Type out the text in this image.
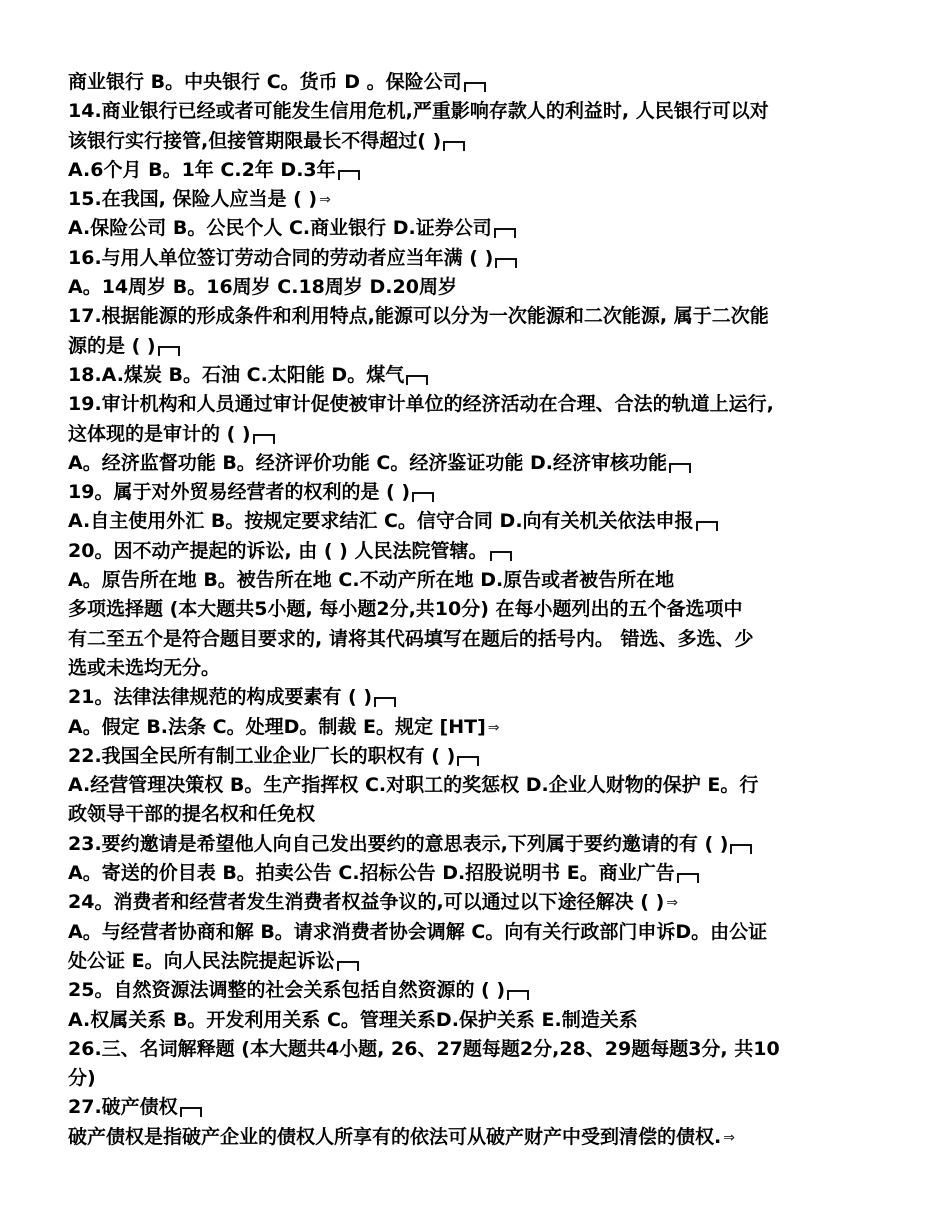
商业银行 B。中央银行 C。货币 D 。保险公司
14.商业银行已经或者可能发生信用危机,严重影响存款人的利益时, 人民银行可以对
该银行实行接管,但接管期限最长不得超过( )
A.6个月 B。1年 C.2年 D.3年
15.在我国, 保险人应当是 ( ) ⇒
A.保险公司 B。公民个人 C.商业银行 D.证券公司
16.与用人单位签订劳动合同的劳动者应当年满 ( )
A。14周岁 B。16周岁 C.18周岁 D.20周岁
17.根据能源的形成条件和利用特点,能源可以分为一次能源和二次能源, 属于二次能
源的是 ( )
18.A.煤炭 B。石油 C.太阳能 D。煤气
19.审计机构和人员通过审计促使被审计单位的经济活动在合理、合法的轨道上运行,
这体现的是审计的 ( )
A。经济监督功能 B。经济评价功能 C。经济鉴证功能 D.经济审核功能
19。属于对外贸易经营者的权利的是 ( )
A.自主使用外汇 B。按规定要求结汇 C。信守合同 D.向有关机关依法申报
20。因不动产提起的诉讼, 由 ( ) 人民法院管辖。
A。原告所在地 B。被告所在地 C.不动产所在地 D.原告或者被告所在地
多项选择题 (本大题共5小题, 每小题2分,共10分) 在每小题列出的五个备选项中
有二至五个是符合题目要求的, 请将其代码填写在题后的括号内。 错选、多选、少
选或未选均无分。
21。法律法律规范的构成要素有 ( )
A。假定 B.法条 C。处理D。制裁 E。规定 [HT] ⇒
22.我国全民所有制工业企业厂长的职权有 ( )
A.经营管理决策权 B。生产指挥权 C.对职工的奖惩权 D.企业人财物的保护 E。行
政领导干部的提名权和任免权
23.要约邀请是希望他人向自己发出要约的意思表示,下列属于要约邀请的有 ( )
A。寄送的价目表 B。拍卖公告 C.招标公告 D.招股说明书 E。商业广告
24。消费者和经营者发生消费者权益争议的,可以通过以下途径解决 ( ) ⇒
A。与经营者协商和解 B。请求消费者协会调解 C。向有关行政部门申诉D。由公证
处公证 E。向人民法院提起诉讼
25。自然资源法调整的社会关系包括自然资源的 ( )
A.权属关系 B。开发利用关系 C。管理关系D.保护关系 E.制造关系
26.三、名词解释题 (本大题共4小题, 26、27题每题2分,28、29题每题3分, 共10
分)
27.破产债权
破产债权是指破产企业的债权人所享有的依法可从破产财产中受到清偿的债权. ⇒
